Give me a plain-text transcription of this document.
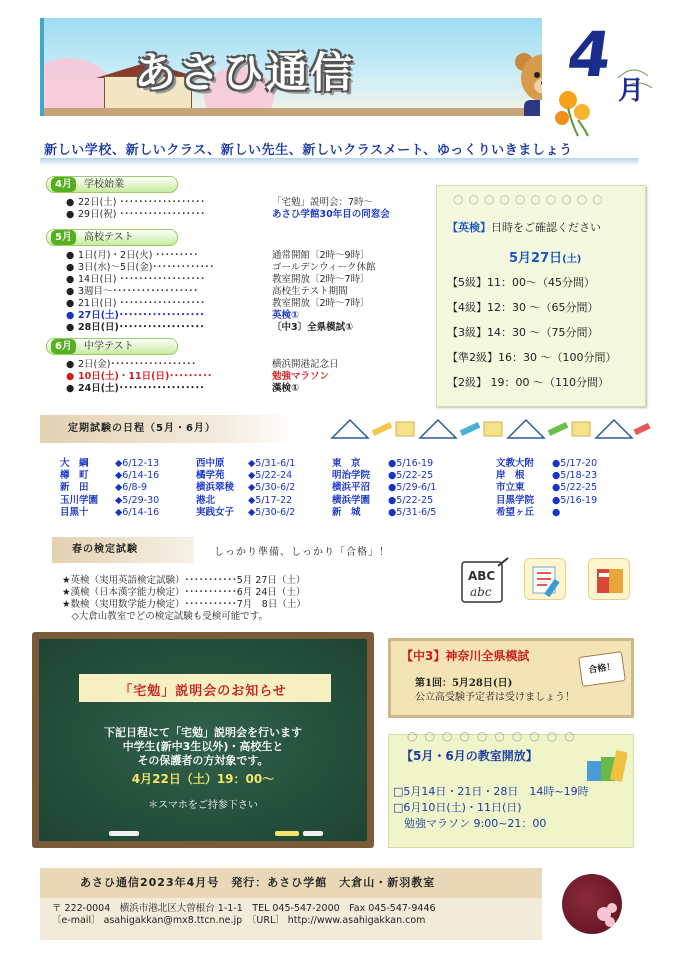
あさひ通信	4 月
新しい学校、新しいクラス、新しい先生、新しいクラスメート、ゆっくりいきましょう
4月 学校始業
● 22日(土) ･･････････････････	「宅勉」説明会：7時～
● 29日(祝) ･･････････････････	あさひ学館30年目の同窓会
5月 高校テスト
● 1日(月)・2日(火) ･････････	通常開館〔2時～9時〕
● 3日(水)～5日(金)･････････････	ゴールデンウィーク休館
● 14日(日) ･･････････････････	教室開放〔2時～7時〕
● 3週目～･･････････････････	高校生テスト期間
● 21日(日) ･･････････････････	教室開放〔2時～7時〕
● 27日(土)･･････････････････	英検①
● 28日(日)･･････････････････	〔中3〕全県模試①
6月 中学テスト
● 2日(金)･･････････････････	横浜開港記念日
● 10日(土)・11日(日)･････････	勉強マラソン
● 24日(土)･･････････････････	漢検①
○○○○○○○○○○
【英検】日時をご確認ください
5月27日(土)
【5級】11：00～（45分間）
【4級】12：30 ～（65分間）
【3級】14：30 ～（75分間）
【準2級】16：30 ～（100分間）
【2級】 19：00 ～（110分間）
定期試験の日程（5月・6月）
大　綱	◆6/12-13
樽　町	◆6/14-16
新　田	◆6/8-9
玉川学園 ◆5/29-30
目黒十	◆6/14-16
西中原 ◆5/31-6/1
橘学苑 ◆5/22-24
横浜翠稜 ◆5/30-6/2
港北	◆5/17-22
実践女子 ◆5/30-6/2
東　京	●5/16-19
明治学院 ●5/22-25
横浜平沼 ●5/29-6/1
横浜学園 ●5/22-25
新　城	●5/31-6/5
文教大附 ●5/17-20
岸　根	●5/18-23
市立東	●5/22-25
目黒学院 ●5/16-19
希望ヶ丘 ●
春の検定試験	しっかり準備、しっかり「合格」！
★英検（実用英語検定試験）･･･････････5月 27日（土）
★漢検（日本漢字能力検定）･･･････････6月 24日（土）
★数検（実用数学能力検定）･･･････････7月　8日（土）
　◇大倉山教室でどの検定試験も受検可能です。
ABC
abc
「宅勉」説明会のお知らせ
下記日程にて「宅勉」説明会を行います
中学生(新中3生以外)・高校生と
その保護者の方対象です。
4月22日（土）19：00～
＊スマホをご持参下さい
【中3】神奈川全県模試
第1回：5月28日(日)
公立高受験予定者は受けましょう！
合格！
○○○○○○○○○○
【5月・6月の教室開放】
□5月14日・21日・28日　14時~19時
□6月10日(土)・11日(日)
　勉強マラソン 9:00~21：00
あさひ通信2023年4月号　発行：あさひ学館　大倉山・新羽教室
〒 222-0004　横浜市港北区大曽根台 1-1-1　TEL 045-547-2000　Fax 045-547-9446
〔e-mail〕 asahigakkan@mx8.ttcn.ne.jp　〔URL〕 http://www.asahigakkan.com
